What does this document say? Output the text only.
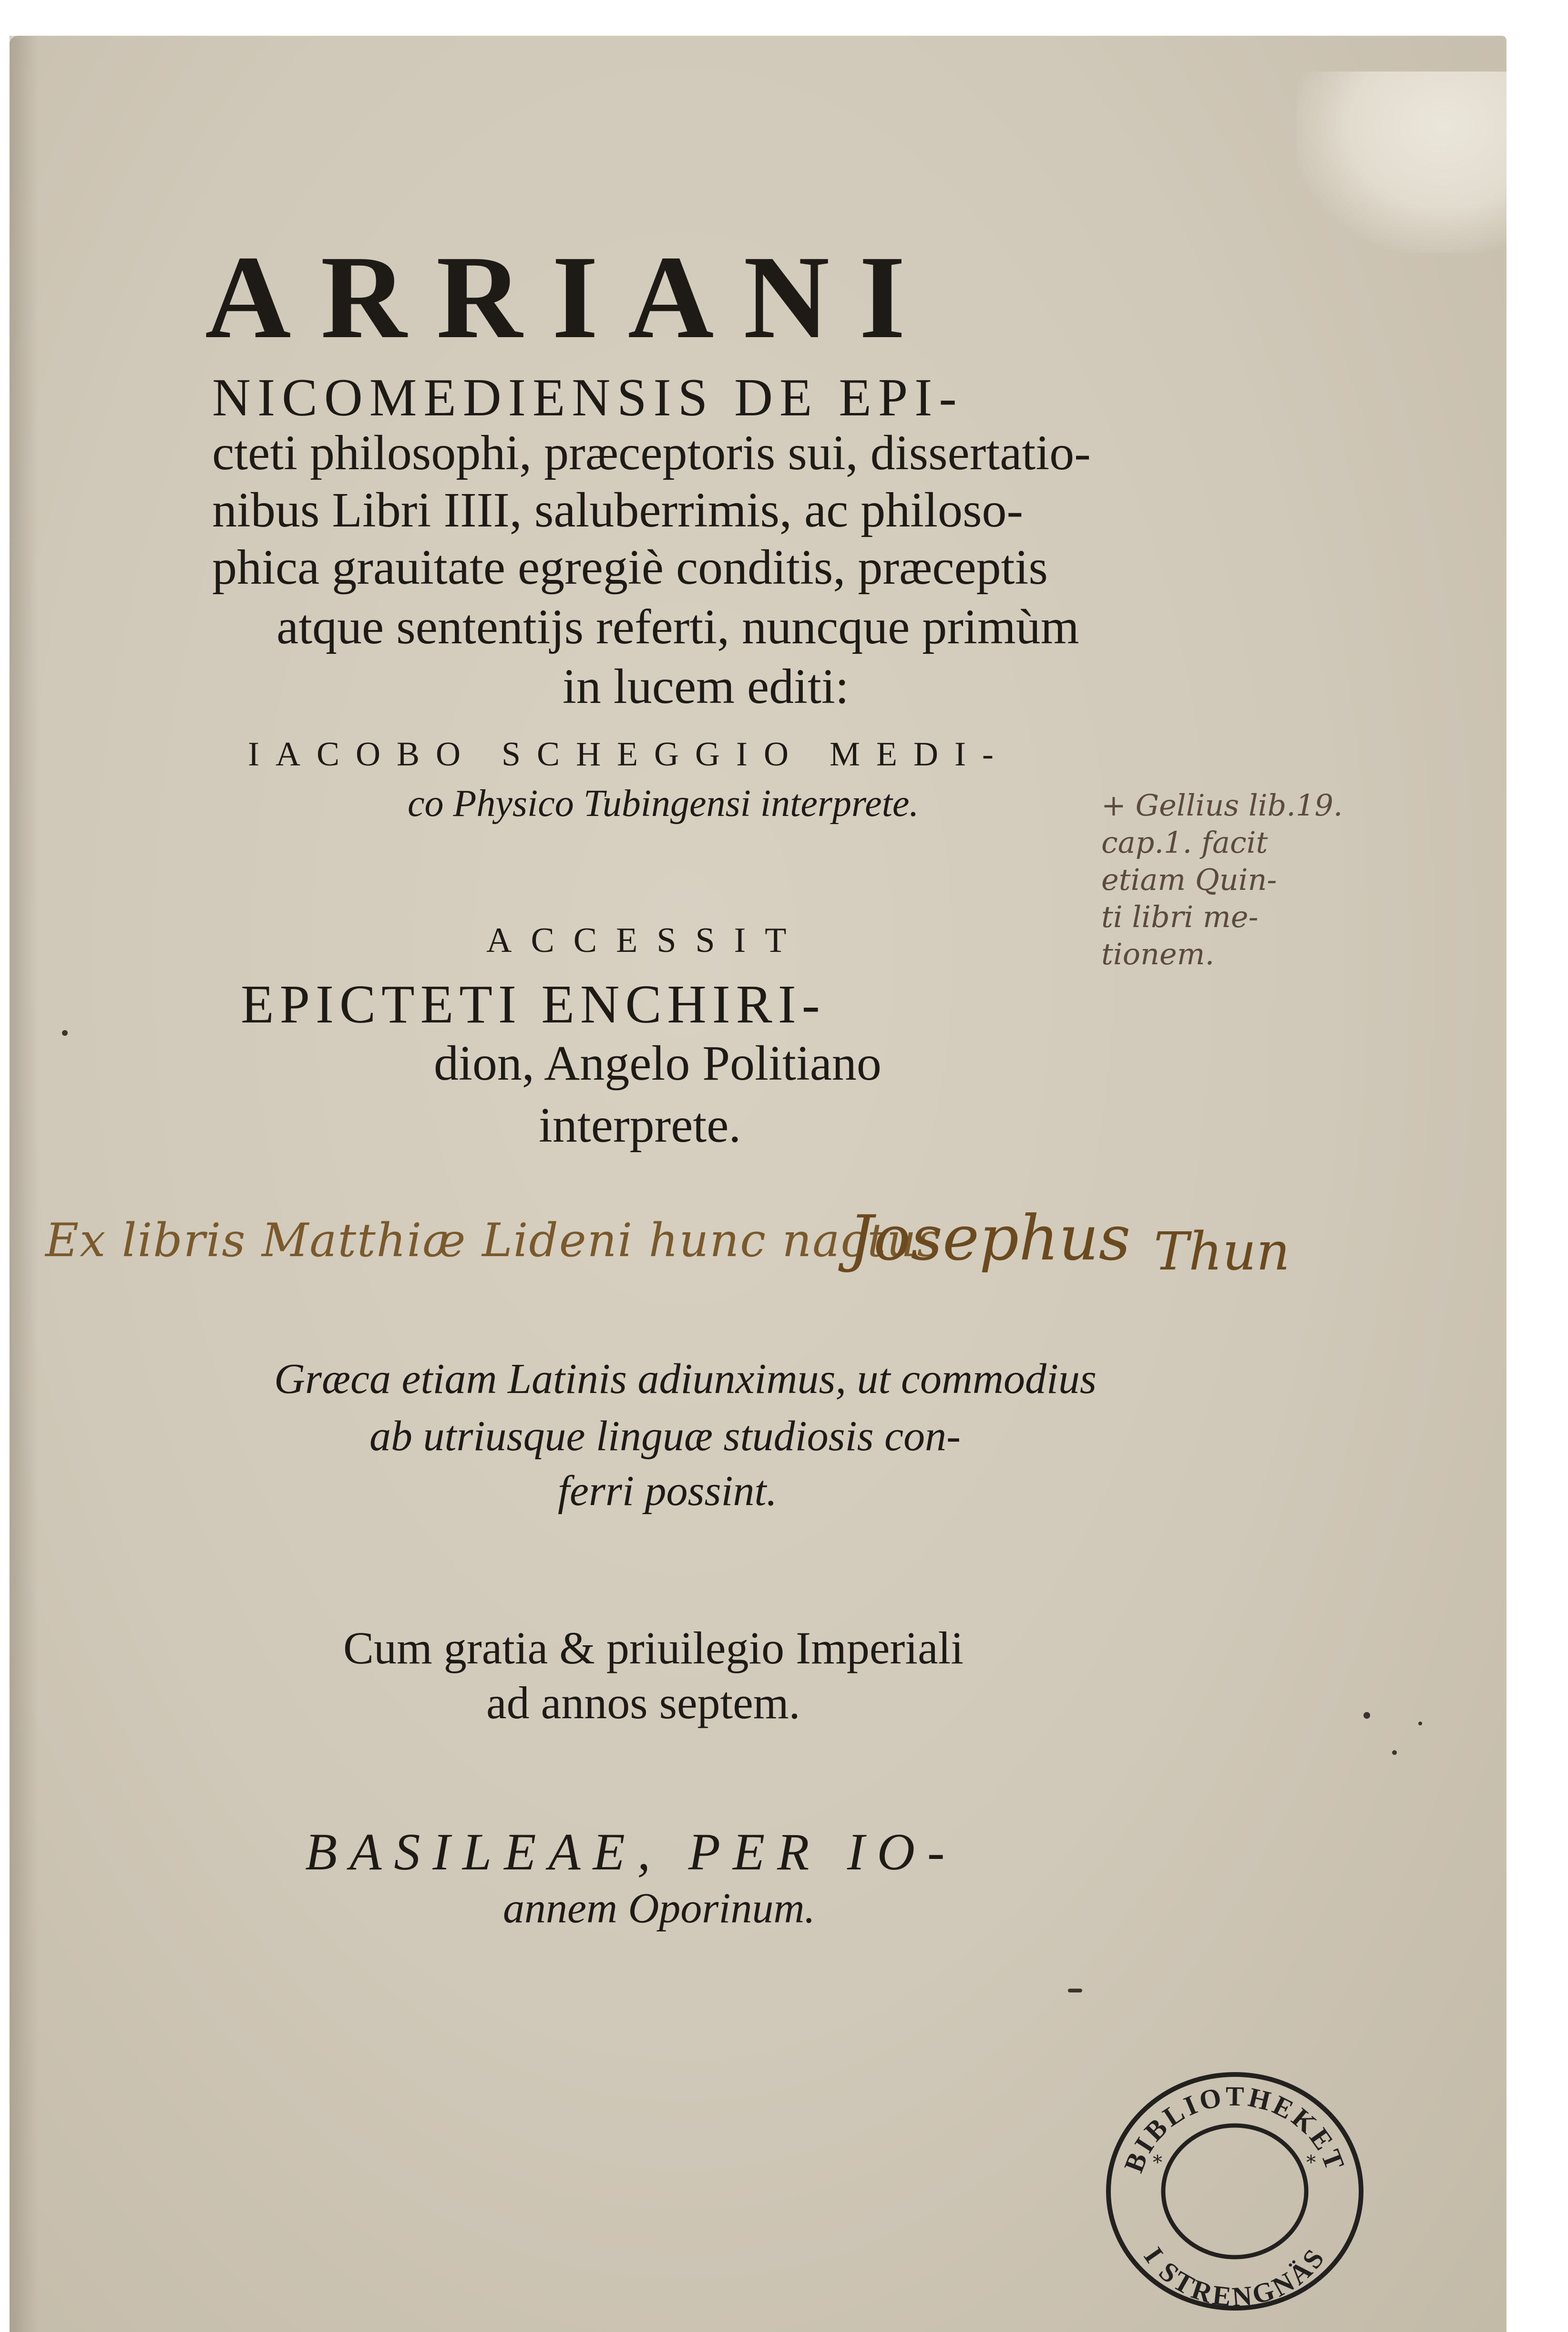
ARRIANI

NICOMEDIENSIS DE EPI-

cteti philosophi, præceptoris sui, dissertatio-

nibus Libri IIII, saluberrimis, ac philoso-

phica grauitate egregiè conditis, præceptis

atque sententijs referti, nuncque primùm

in lucem editi:

IACOBO SCHEGGIO MEDI-

co Physico Tubingensi interprete.

ACCESSIT

EPICTETI ENCHIRI-

dion, Angelo Politiano

interprete.

Ex libris Matthiæ Lideni hunc nactus

Josephus Thun

Græca etiam Latinis adiunximus, ut commodius

ab utriusque linguæ studiosis con-

ferri possint.

Cum gratia & priuilegio Imperiali

ad annos septem.

BASILEAE, PER IO-

annem Oporinum.

+ Gellius lib.19.
cap.1. facit
etiam Quin-
ti libri me-
tionem.
BIBLIOTHEKET
I STRENGNÄS
*	*
